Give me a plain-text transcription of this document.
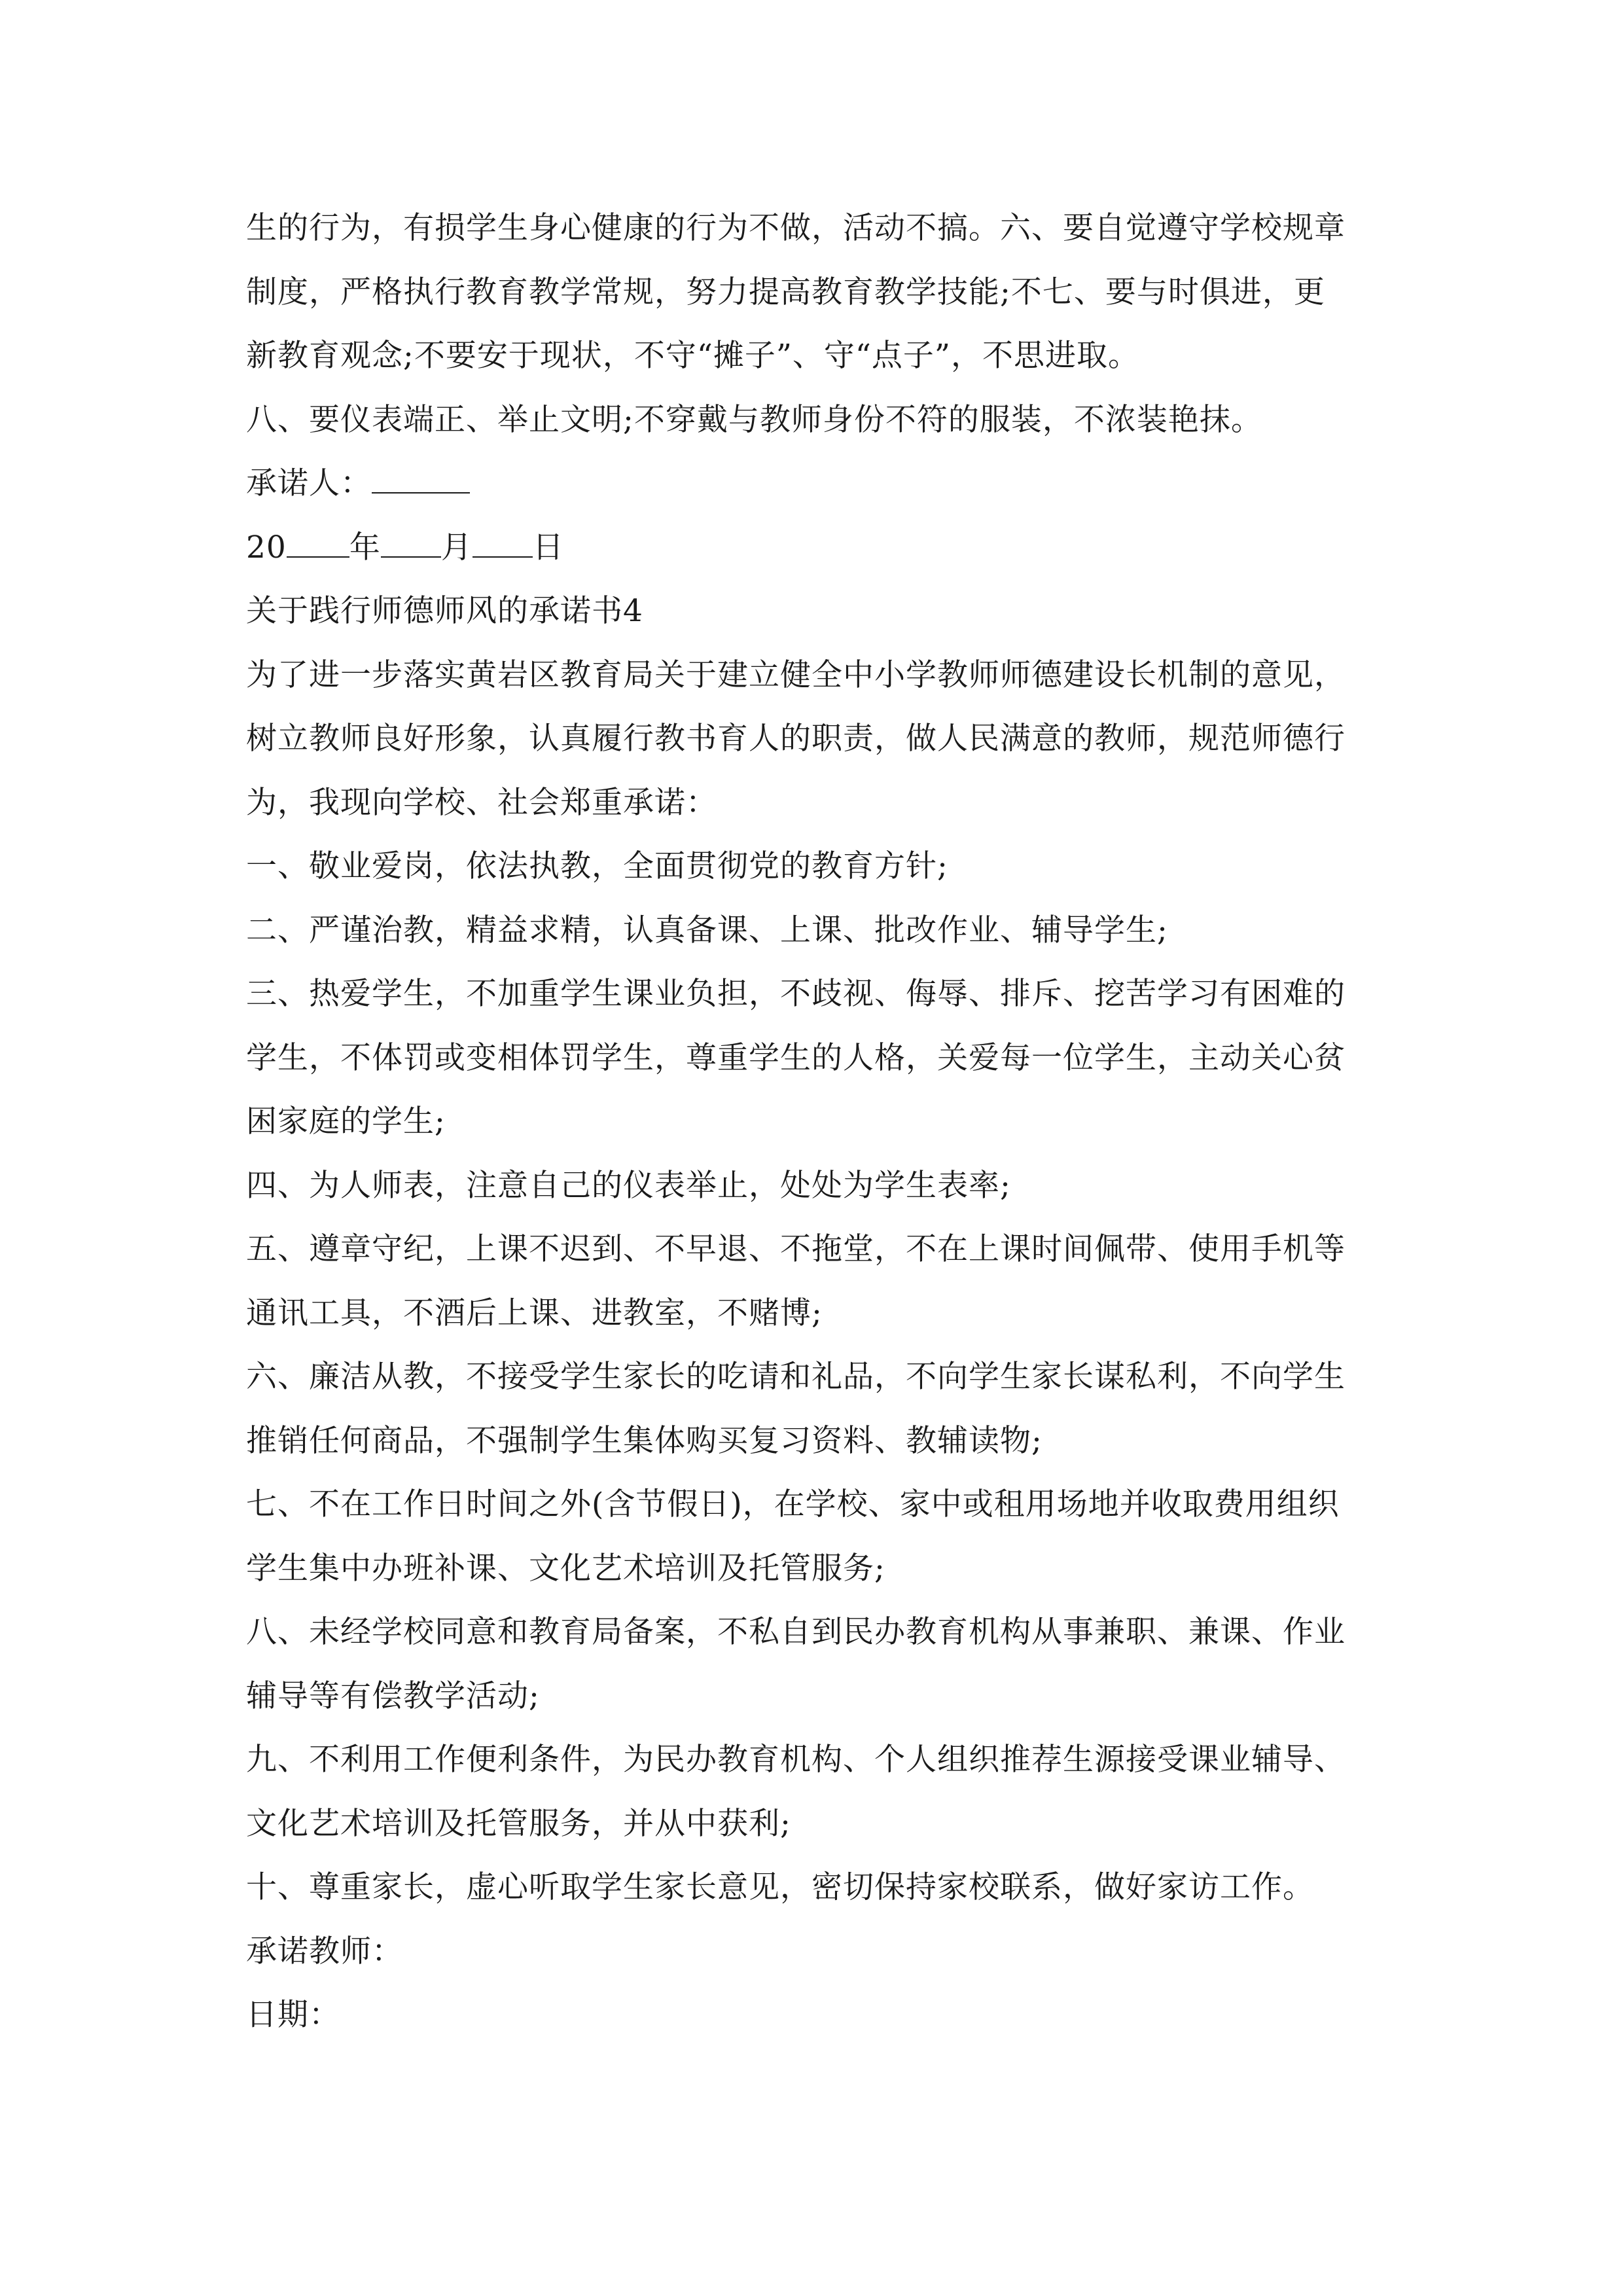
生的行为，有损学生身心健康的行为不做，活动不搞。六、要自觉遵守学校规章
制度，严格执行教育教学常规，努力提高教育教学技能;不七、要与时俱进，更
新教育观念;不要安于现状，不守“摊子”、守“点子”，不思进取。
八、要仪表端正、举止文明;不穿戴与教师身份不符的服装，不浓装艳抹。
承诺人：
20 年 月 日
关于践行师德师风的承诺书4
为了进一步落实黄岩区教育局关于建立健全中小学教师师德建设长机制的意见，
树立教师良好形象，认真履行教书育人的职责，做人民满意的教师，规范师德行
为，我现向学校、社会郑重承诺：
一、敬业爱岗，依法执教，全面贯彻党的教育方针;
二、严谨治教，精益求精，认真备课、上课、批改作业、辅导学生;
三、热爱学生，不加重学生课业负担，不歧视、侮辱、排斥、挖苦学习有困难的
学生，不体罚或变相体罚学生，尊重学生的人格，关爱每一位学生，主动关心贫
困家庭的学生;
四、为人师表，注意自己的仪表举止，处处为学生表率;
五、遵章守纪，上课不迟到、不早退、不拖堂，不在上课时间佩带、使用手机等
通讯工具，不酒后上课、进教室，不赌博;
六、廉洁从教，不接受学生家长的吃请和礼品，不向学生家长谋私利，不向学生
推销任何商品，不强制学生集体购买复习资料、教辅读物;
七、不在工作日时间之外(含节假日)，在学校、家中或租用场地并收取费用组织
学生集中办班补课、文化艺术培训及托管服务;
八、未经学校同意和教育局备案，不私自到民办教育机构从事兼职、兼课、作业
辅导等有偿教学活动;
九、不利用工作便利条件，为民办教育机构、个人组织推荐生源接受课业辅导、
文化艺术培训及托管服务，并从中获利;
十、尊重家长，虚心听取学生家长意见，密切保持家校联系，做好家访工作。
承诺教师：
日期：
